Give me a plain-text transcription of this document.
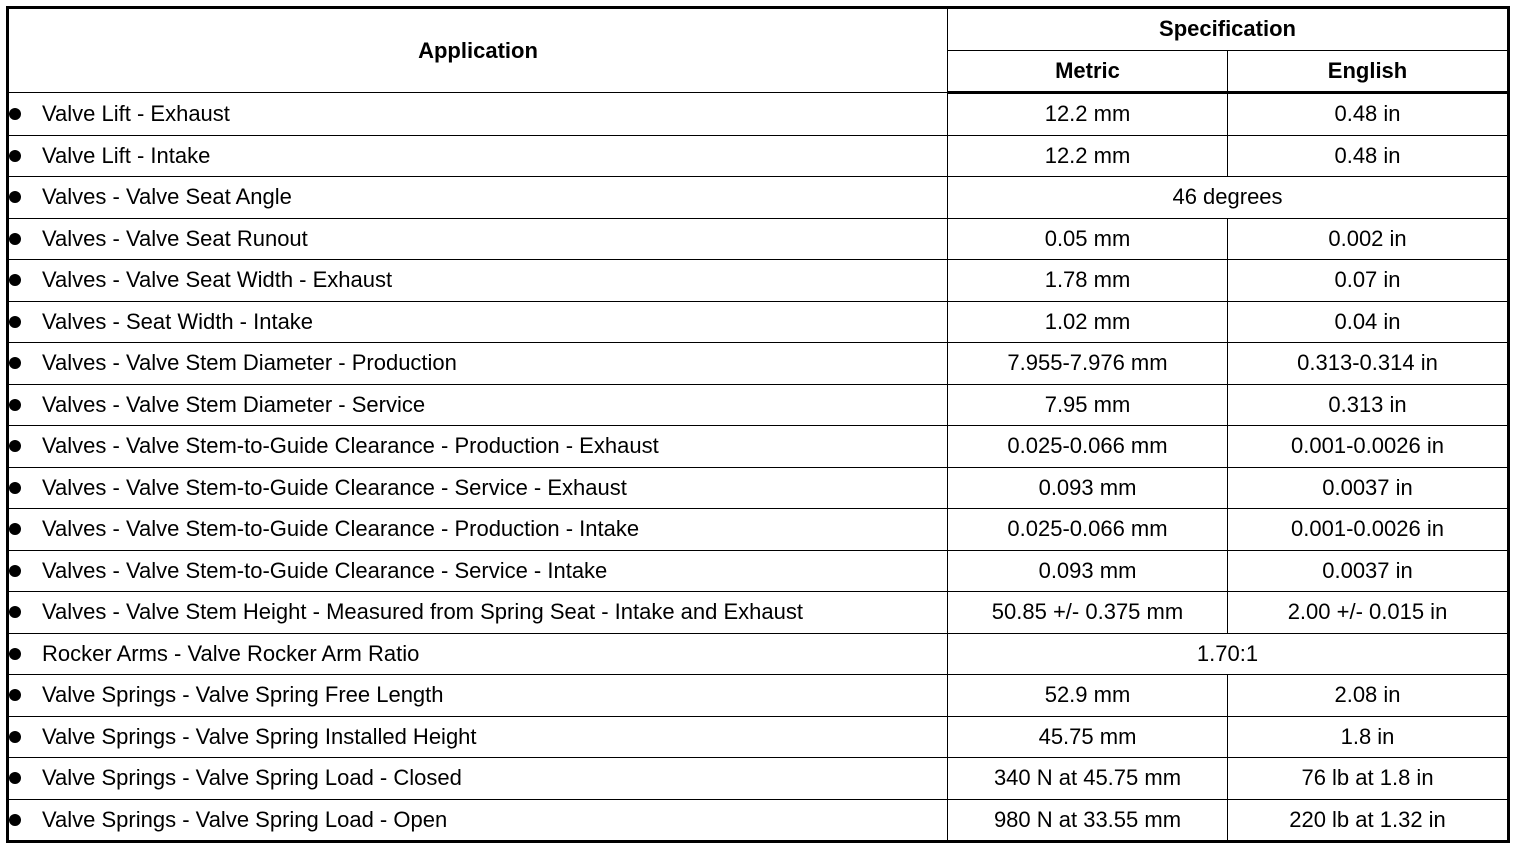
Application	Specification	
	Metric	English
Valve Lift - Exhaust	12.2 mm	0.48 in
Valve Lift - Intake	12.2 mm	0.48 in
Valves - Valve Seat Angle	46 degrees	
Valves - Valve Seat Runout	0.05 mm	0.002 in
Valves - Valve Seat Width - Exhaust	1.78 mm	0.07 in
Valves - Seat Width - Intake	1.02 mm	0.04 in
Valves - Valve Stem Diameter - Production	7.955-7.976 mm	0.313-0.314 in
Valves - Valve Stem Diameter - Service	7.95 mm	0.313 in
Valves - Valve Stem-to-Guide Clearance - Production - Exhaust	0.025-0.066 mm	0.001-0.0026 in
Valves - Valve Stem-to-Guide Clearance - Service - Exhaust	0.093 mm	0.0037 in
Valves - Valve Stem-to-Guide Clearance - Production - Intake	0.025-0.066 mm	0.001-0.0026 in
Valves - Valve Stem-to-Guide Clearance - Service - Intake	0.093 mm	0.0037 in
Valves - Valve Stem Height - Measured from Spring Seat - Intake and Exhaust	50.85 +/- 0.375 mm	2.00 +/- 0.015 in
Rocker Arms - Valve Rocker Arm Ratio	1.70:1	
Valve Springs - Valve Spring Free Length	52.9 mm	2.08 in
Valve Springs - Valve Spring Installed Height	45.75 mm	1.8 in
Valve Springs - Valve Spring Load - Closed	340 N at 45.75 mm	76 lb at 1.8 in
Valve Springs - Valve Spring Load - Open	980 N at 33.55 mm	220 lb at 1.32 in
